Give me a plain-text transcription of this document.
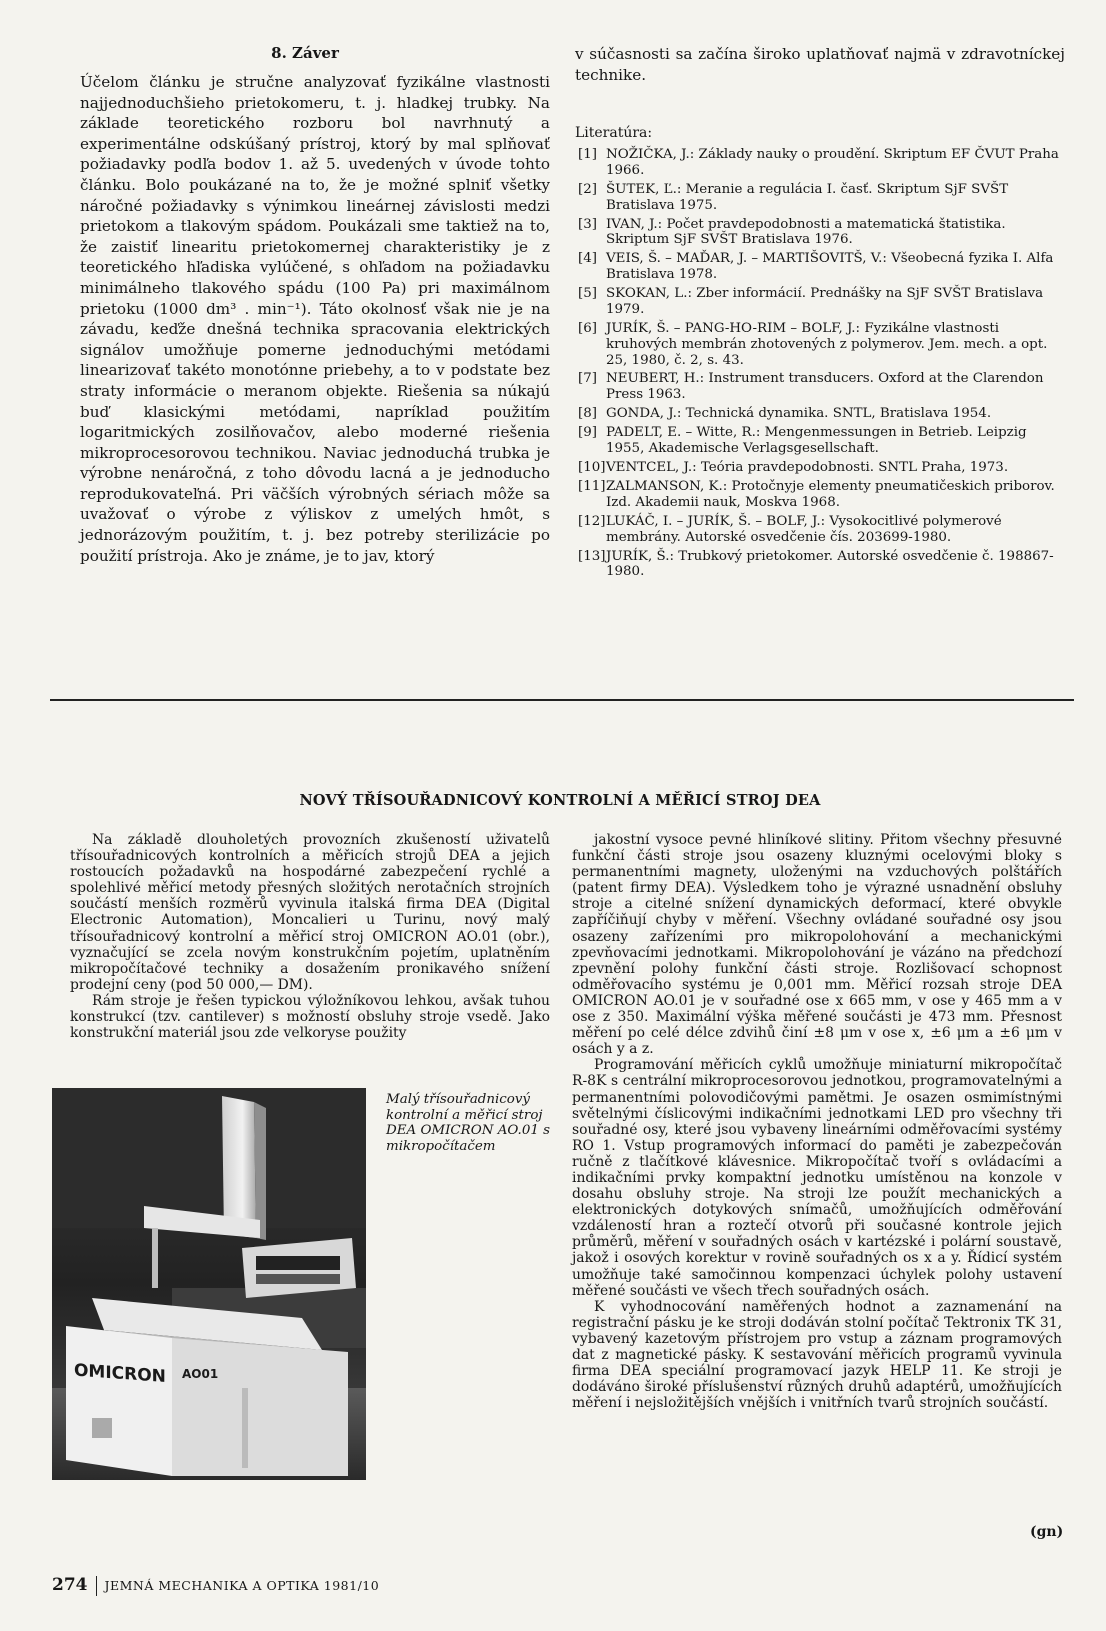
8. Záver

Účelom článku je stručne analyzovať fyzikálne vlastnosti najjednoduchšieho prietokomeru, t. j. hladkej trubky. Na základe teoretického rozboru bol navrhnutý a experimentálne odskúšaný prístroj, ktorý by mal splňovať požiadavky podľa bodov 1. až 5. uvedených v úvode tohto článku. Bolo poukázané na to, že je možné splniť všetky náročné požiadavky s výnimkou lineárnej závislosti medzi prietokom a tlakovým spádom. Poukázali sme taktiež na to, že zaistiť linearitu prietokomernej charakteristiky je z teoretického hľadiska vylúčené, s ohľadom na požiadavku minimálneho tlakového spádu (100 Pa) pri maximálnom prietoku (1000 dm³ . min⁻¹). Táto okolnosť však nie je na závadu, keďže dnešná technika spracovania elektrických signálov umožňuje pomerne jednoduchými metódami linearizovať takéto monotónne priebehy, a to v podstate bez straty informácie o meranom objekte. Riešenia sa núkajú buď klasickými metódami, napríklad použitím logaritmických zosilňovačov, alebo moderné riešenia mikroprocesorovou technikou. Naviac jednoduchá trubka je výrobne nenáročná, z toho dôvodu lacná a je jednoducho reprodukovateľná. Pri väčších výrobných sériach môže sa uvažovať o výrobe z výliskov z umelých hmôt, s jednorázovým použitím, t. j. bez potreby sterilizácie po použití prístroja. Ako je známe, je to jav, ktorý

v súčasnosti sa začína široko uplatňovať najmä v zdravotníckej technike.

Literatúra:

[1] NOŽIČKA, J.: Základy nauky o proudění. Skriptum EF ČVUT Praha 1966.
[2] ŠUTEK, Ľ.: Meranie a regulácia I. časť. Skriptum SjF SVŠT Bratislava 1975.
[3] IVAN, J.: Počet pravdepodobnosti a matematická štatistika. Skriptum SjF SVŠT Bratislava 1976.
[4] VEIS, Š. – MAĎAR, J. – MARTIŠOVITŠ, V.: Všeobecná fyzika I. Alfa Bratislava 1978.
[5] SKOKAN, L.: Zber informácií. Prednášky na SjF SVŠT Bratislava 1979.
[6] JURÍK, Š. – PANG-HO-RIM – BOLF, J.: Fyzikálne vlastnosti kruhových membrán zhotovených z polymerov. Jem. mech. a opt. 25, 1980, č. 2, s. 43.
[7] NEUBERT, H.: Instrument transducers. Oxford at the Clarendon Press 1963.
[8] GONDA, J.: Technická dynamika. SNTL, Bratislava 1954.
[9] PADELT, E. – Witte, R.: Mengenmessungen in Betrieb. Leipzig 1955, Akademische Verlagsgesellschaft.
[10] VENTCEL, J.: Teória pravdepodobnosti. SNTL Praha, 1973.
[11] ZALMANSON, K.: Protočnyje elementy pneumatičeskich priborov. Izd. Akademii nauk, Moskva 1968.
[12] LUKÁČ, I. – JURÍK, Š. – BOLF, J.: Vysokocitlivé polymerové membrány. Autorské osvedčenie čís. 203699-1980.
[13] JURÍK, Š.: Trubkový prietokomer. Autorské osvedčenie č. 198867-1980.
NOVÝ TŘÍSOUŘADNICOVÝ KONTROLNÍ A MĚŘICÍ STROJ DEA

Na základě dlouholetých provozních zkušeností uživatelů třísouřadnicových kontrolních a měřicích strojů DEA a jejich rostoucích požadavků na hospodárné zabezpečení rychlé a spolehlivé měřicí metody přesných složitých nerotačních strojních součástí menších rozměrů vyvinula italská firma DEA (Digital Electronic Automation), Moncalieri u Turinu, nový malý třísouřadnicový kontrolní a měřicí stroj OMICRON AO.01 (obr.), vyznačující se zcela novým konstrukčním pojetím, uplatněním mikropočítačové techniky a dosažením pronikavého snížení prodejní ceny (pod 50 000,— DM).

Rám stroje je řešen typickou výložníkovou lehkou, avšak tuhou konstrukcí (tzv. cantilever) s možností obsluhy stroje vsedě. Jako konstrukční materiál jsou zde velkoryse použity

OMICRON AO01
Malý třísouřadnicový kontrolní a měřicí stroj DEA OMICRON AO.01 s mikropočítačem

jakostní vysoce pevné hliníkové slitiny. Přitom všechny přesuvné funkční části stroje jsou osazeny kluznými ocelovými bloky s permanentními magnety, uloženými na vzduchových polštářích (patent firmy DEA). Výsledkem toho je výrazné usnadnění obsluhy stroje a citelné snížení dynamických deformací, které obvykle zapříčiňují chyby v měření. Všechny ovládané souřadné osy jsou osazeny zařízeními pro mikropolohování a mechanickými zpevňovacími jednotkami. Mikropolohování je vázáno na předchozí zpevnění polohy funkční části stroje. Rozlišovací schopnost odměřovacího systému je 0,001 mm. Měřicí rozsah stroje DEA OMICRON AO.01 je v souřadné ose x 665 mm, v ose y 465 mm a v ose z 350. Maximální výška měřené součásti je 473 mm. Přesnost měření po celé délce zdvihů činí ±8 μm v ose x, ±6 μm a ±6 μm v osách y a z.

Programování měřicích cyklů umožňuje miniaturní mikropočítač R-8K s centrální mikroprocesorovou jednotkou, programovatelnými a permanentními polovodičovými pamětmi. Je osazen osmimístnými světelnými číslicovými indikačními jednotkami LED pro všechny tři souřadné osy, které jsou vybaveny lineárními odměřovacími systémy RO 1. Vstup programových informací do paměti je zabezpečován ručně z tlačítkové klávesnice. Mikropočítač tvoří s ovládacími a indikačními prvky kompaktní jednotku umístěnou na konzole v dosahu obsluhy stroje. Na stroji lze použít mechanických a elektronických dotykových snímačů, umožňujících odměřování vzdáleností hran a roztečí otvorů při současné kontrole jejich průměrů, měření v souřadných osách v kartézské i polární soustavě, jakož i osových korektur v rovině souřadných os x a y. Řídicí systém umožňuje také samočinnou kompenzaci úchylek polohy ustavení měřené součásti ve všech třech souřadných osách.

K vyhodnocování naměřených hodnot a zaznamenání na registrační pásku je ke stroji dodáván stolní počítač Tektronix TK 31, vybavený kazetovým přístrojem pro vstup a záznam programových dat z magnetické pásky. K sestavování měřicích programů vyvinula firma DEA speciální programovací jazyk HELP 11. Ke stroji je dodáváno široké příslušenství různých druhů adaptérů, umožňujících měření i nejsložitějších vnějších i vnitřních tvarů strojních součástí.

(gn)
274 JEMNÁ MECHANIKA A OPTIKA 1981/10
